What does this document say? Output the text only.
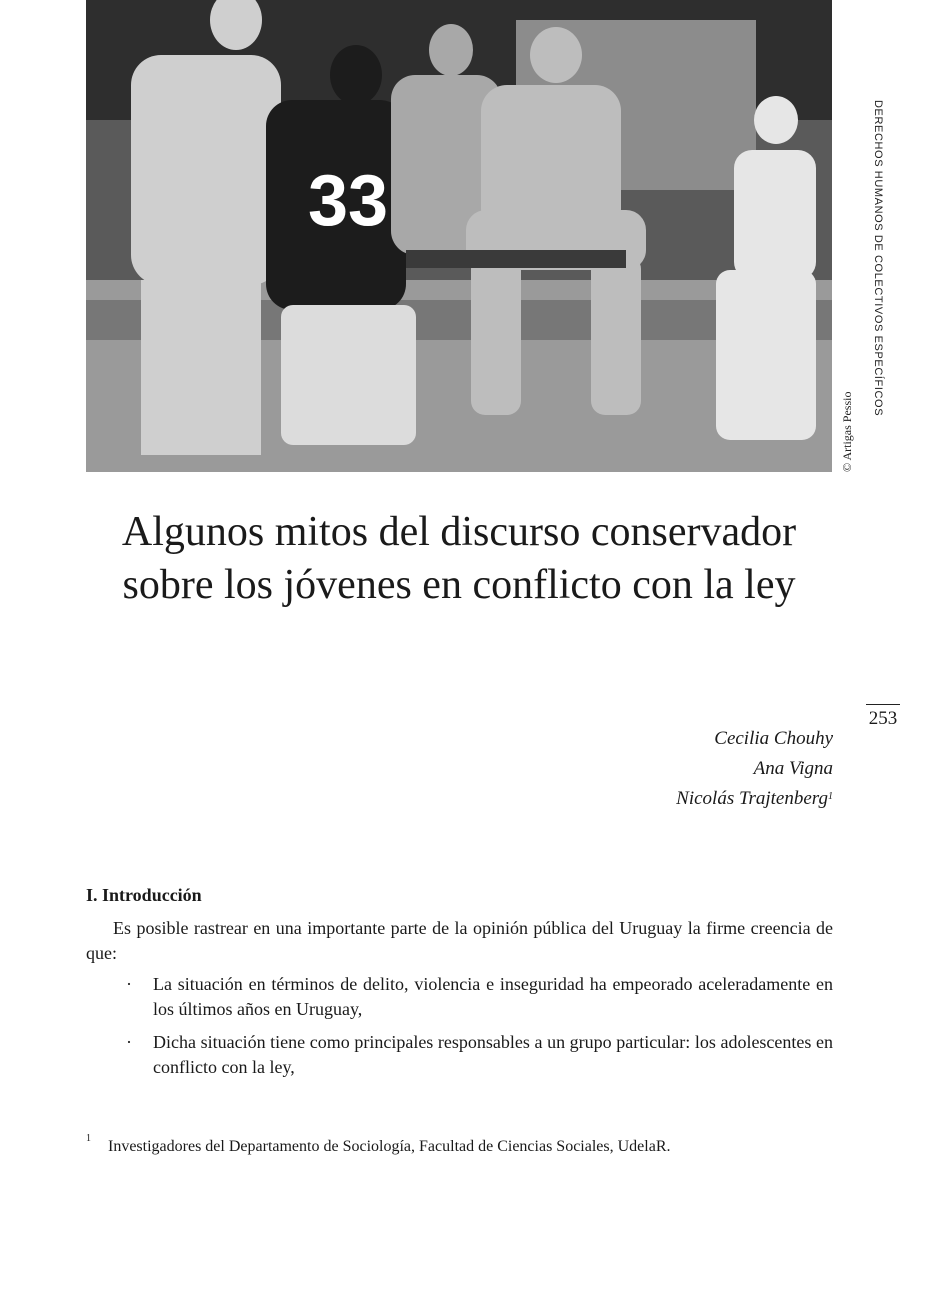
33
© Artigas Pessio
DERECHOS HUMANOS DE COLECTIVOS ESPECÍFICOS
253
Algunos mitos del discurso conservador
sobre los jóvenes en conflicto con la ley
Cecilia Chouhy
Ana Vigna
Nicolás Trajtenberg$^1$
I. Introducción

Es posible rastrear en una importante parte de la opinión pública del Uruguay la firme creencia de que:

· La situación en términos de delito, violencia e inseguridad ha empeorado aceleradamente en los últimos años en Uruguay,
· Dicha situación tiene como principales responsables a un grupo particular: los adolescentes en conflicto con la ley,
1 Investigadores del Departamento de Sociología, Facultad de Ciencias Sociales, UdelaR.
